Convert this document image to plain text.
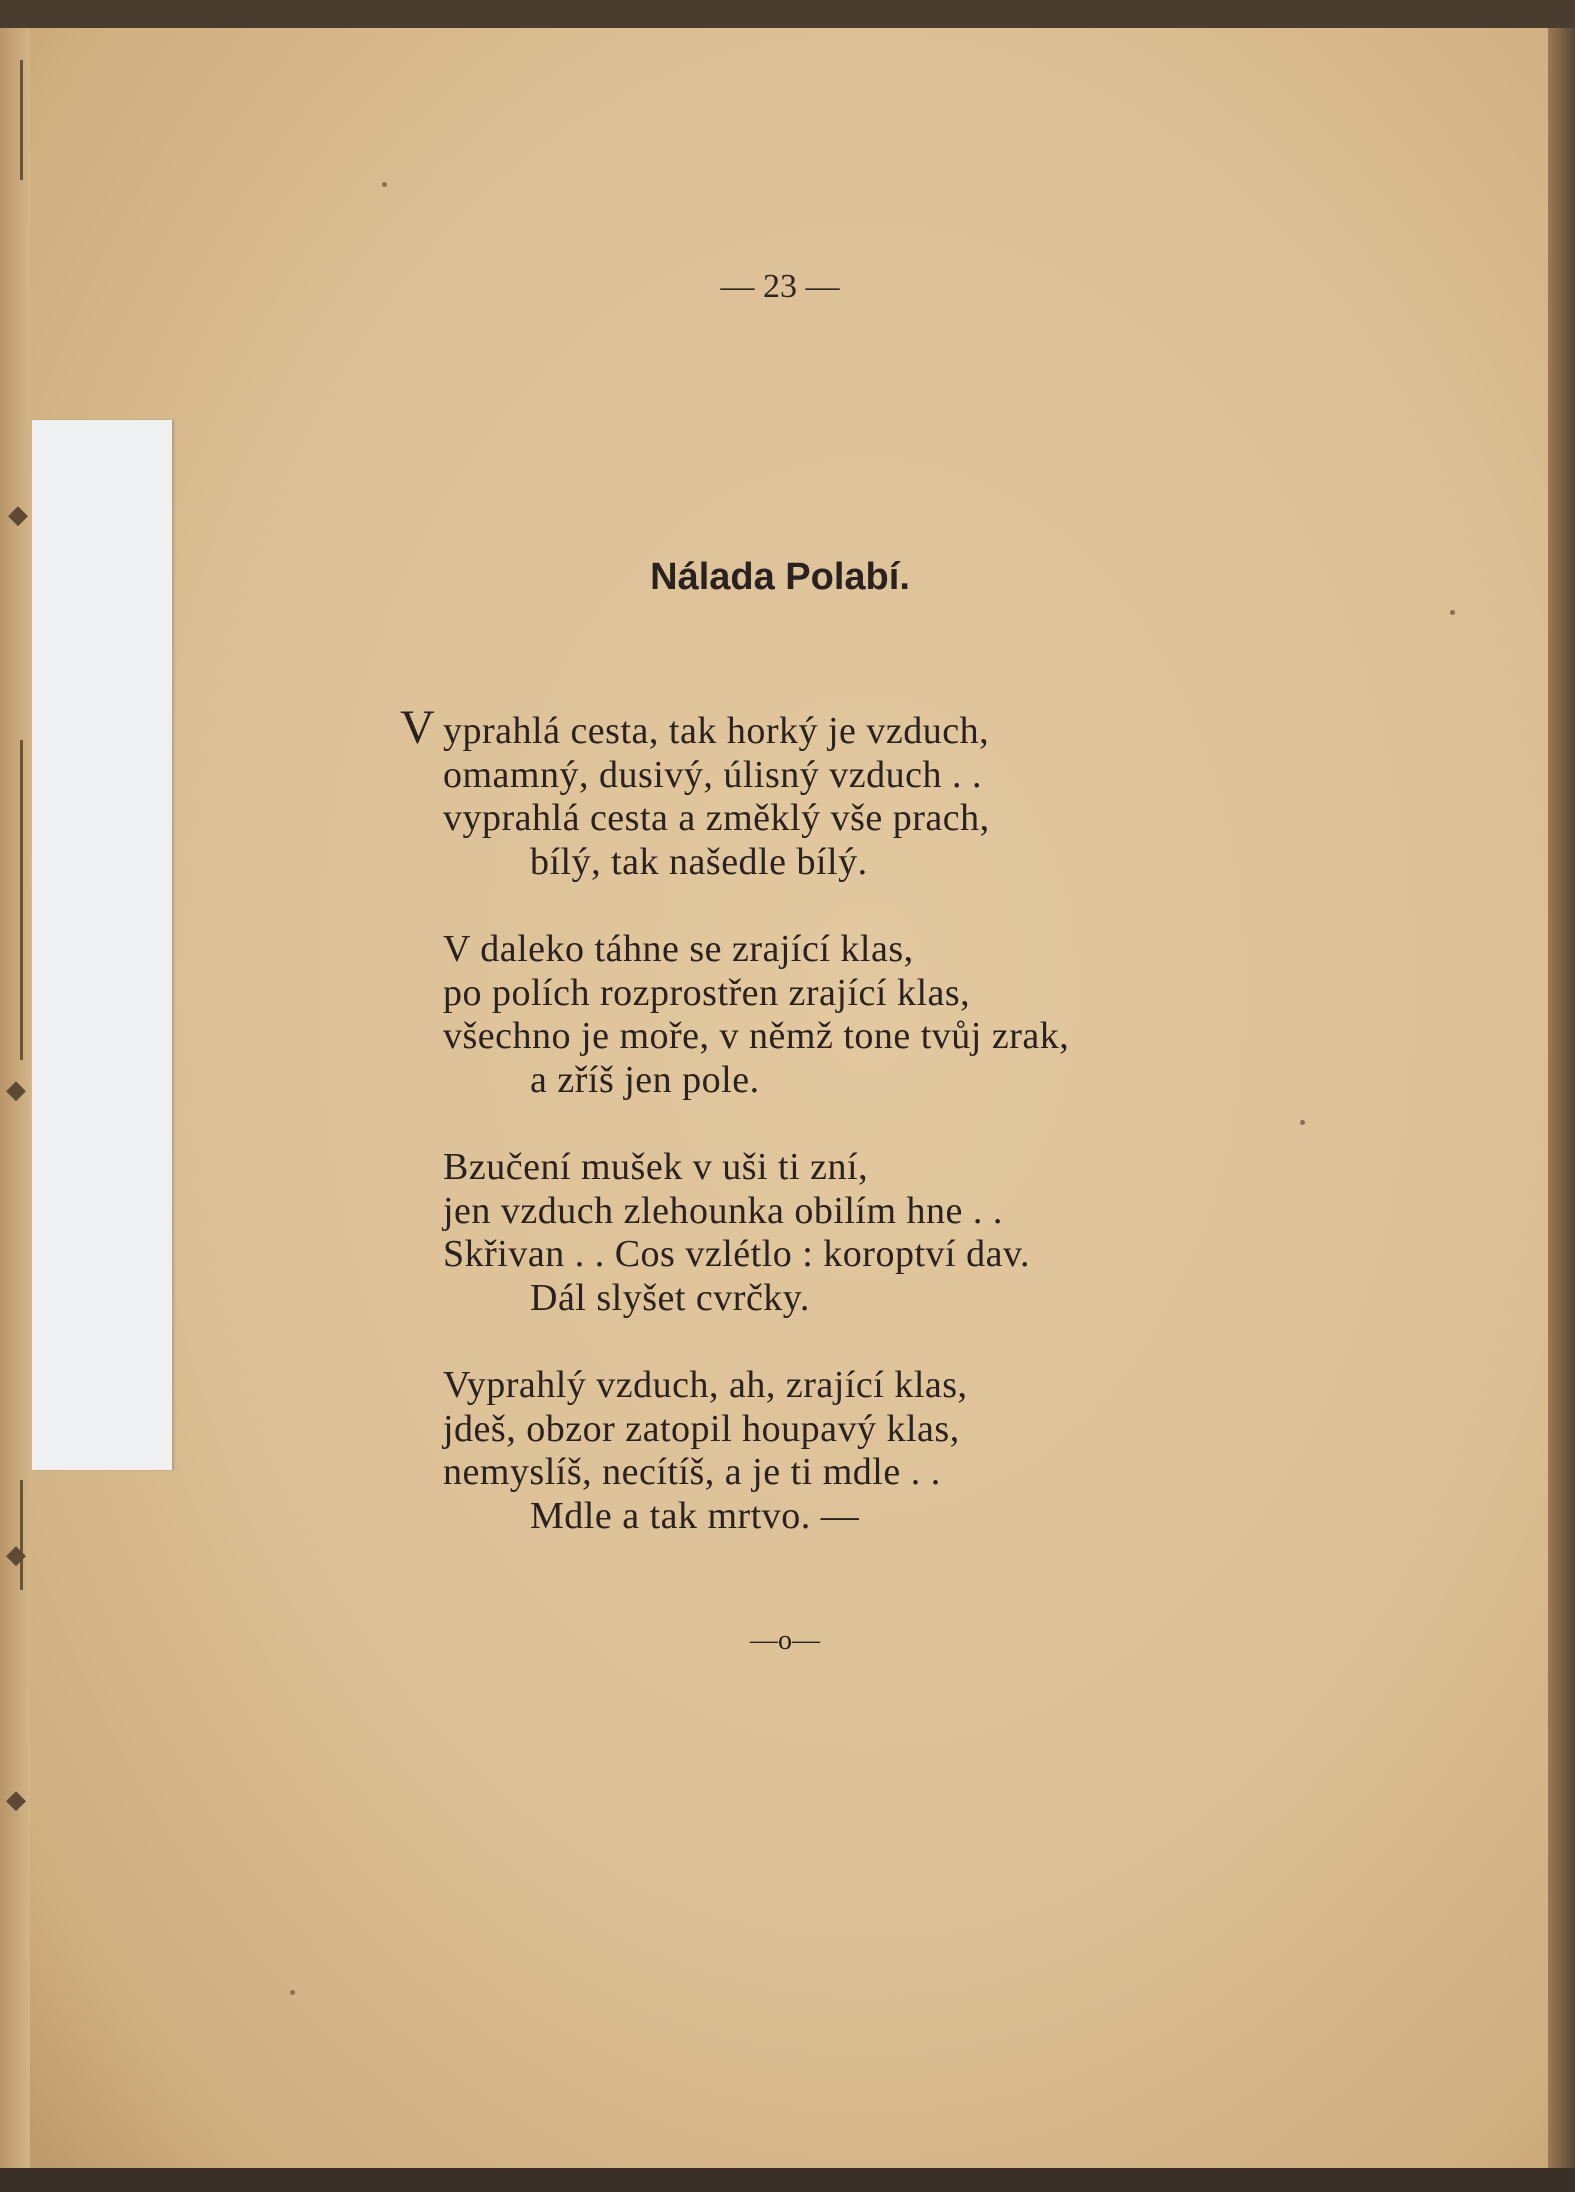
◆
◆
◆
◆
— 23 —
Nálada Polabí.
V yprahlá cesta, tak horký je vzduch,
omamný, dusivý, úlisný vzduch . .
vyprahlá cesta a změklý vše prach,
bílý, tak našedle bílý.
V daleko táhne se zrající klas,
po polích rozprostřen zrající klas,
všechno je moře, v němž tone tvůj zrak,
a zříš jen pole.
Bzučení mušek v uši ti zní,
jen vzduch zlehounka obilím hne . .
Skřivan . . Cos vzlétlo : koroptví dav.
Dál slyšet cvrčky.
Vyprahlý vzduch, ah, zrající klas,
jdeš, obzor zatopil houpavý klas,
nemyslíš, necítíš, a je ti mdle . .
Mdle a tak mrtvo. —
—o—
